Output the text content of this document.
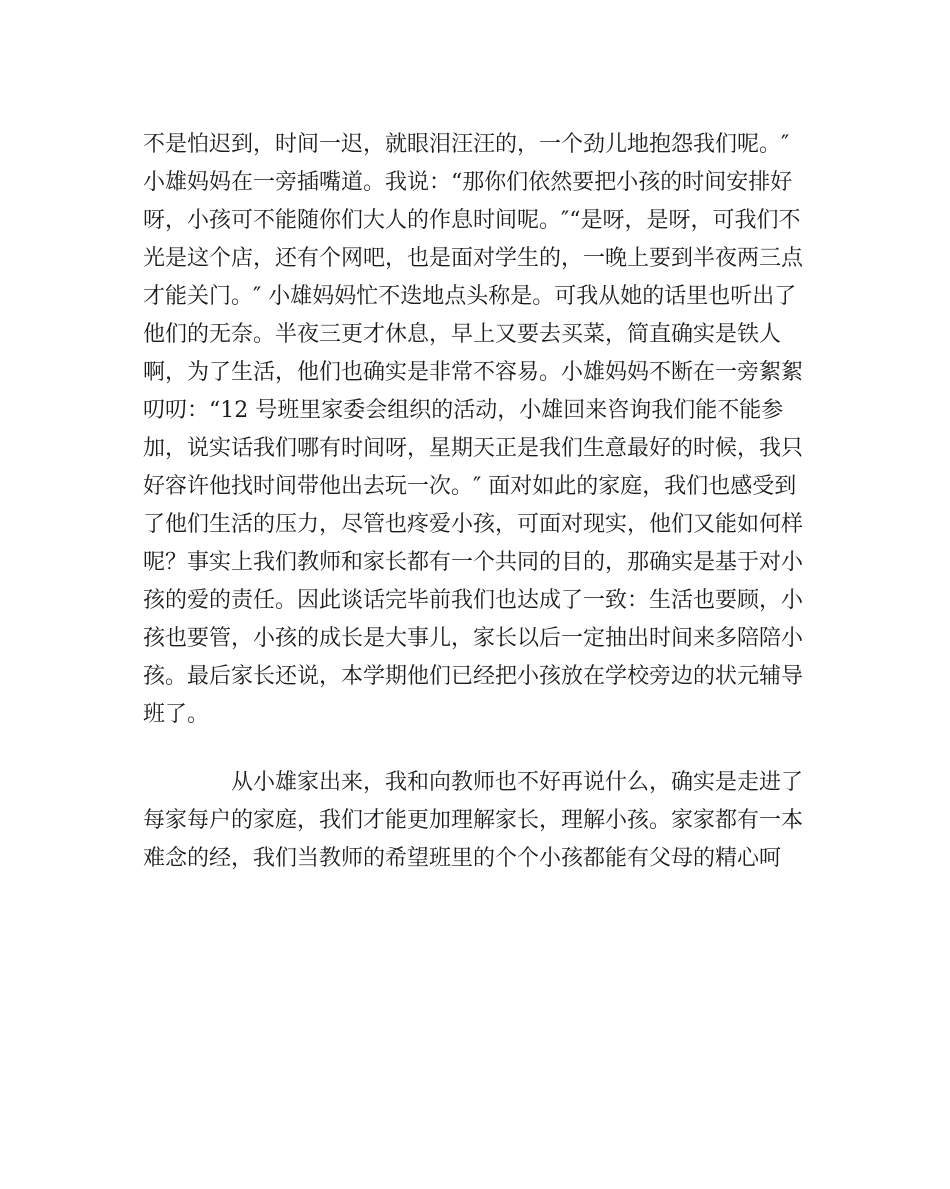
不是怕迟到，时间一迟，就眼泪汪汪的，一个劲儿地抱怨我们呢。″
小雄妈妈在一旁插嘴道。我说：“那你们依然要把小孩的时间安排好
呀，小孩可不能随你们大人的作息时间呢。″“是呀，是呀，可我们不
光是这个店，还有个网吧，也是面对学生的，一晚上要到半夜两三点
才能关门。″ 小雄妈妈忙不迭地点头称是。可我从她的话里也听出了
他们的无奈。半夜三更才休息，早上又要去买菜，简直确实是铁人
啊，为了生活，他们也确实是非常不容易。小雄妈妈不断在一旁絮絮
叨叨：“12 号班里家委会组织的活动，小雄回来咨询我们能不能参
加，说实话我们哪有时间呀，星期天正是我们生意最好的时候，我只
好容许他找时间带他出去玩一次。″ 面对如此的家庭，我们也感受到
了他们生活的压力，尽管也疼爱小孩，可面对现实，他们又能如何样
呢？事实上我们教师和家长都有一个共同的目的，那确实是基于对小
孩的爱的责任。因此谈话完毕前我们也达成了一致：生活也要顾，小
孩也要管，小孩的成长是大事儿，家长以后一定抽出时间来多陪陪小
孩。最后家长还说，本学期他们已经把小孩放在学校旁边的状元辅导
班了。
从小雄家出来，我和向教师也不好再说什么，确实是走进了
每家每户的家庭，我们才能更加理解家长，理解小孩。家家都有一本
难念的经，我们当教师的希望班里的个个小孩都能有父母的精心呵
